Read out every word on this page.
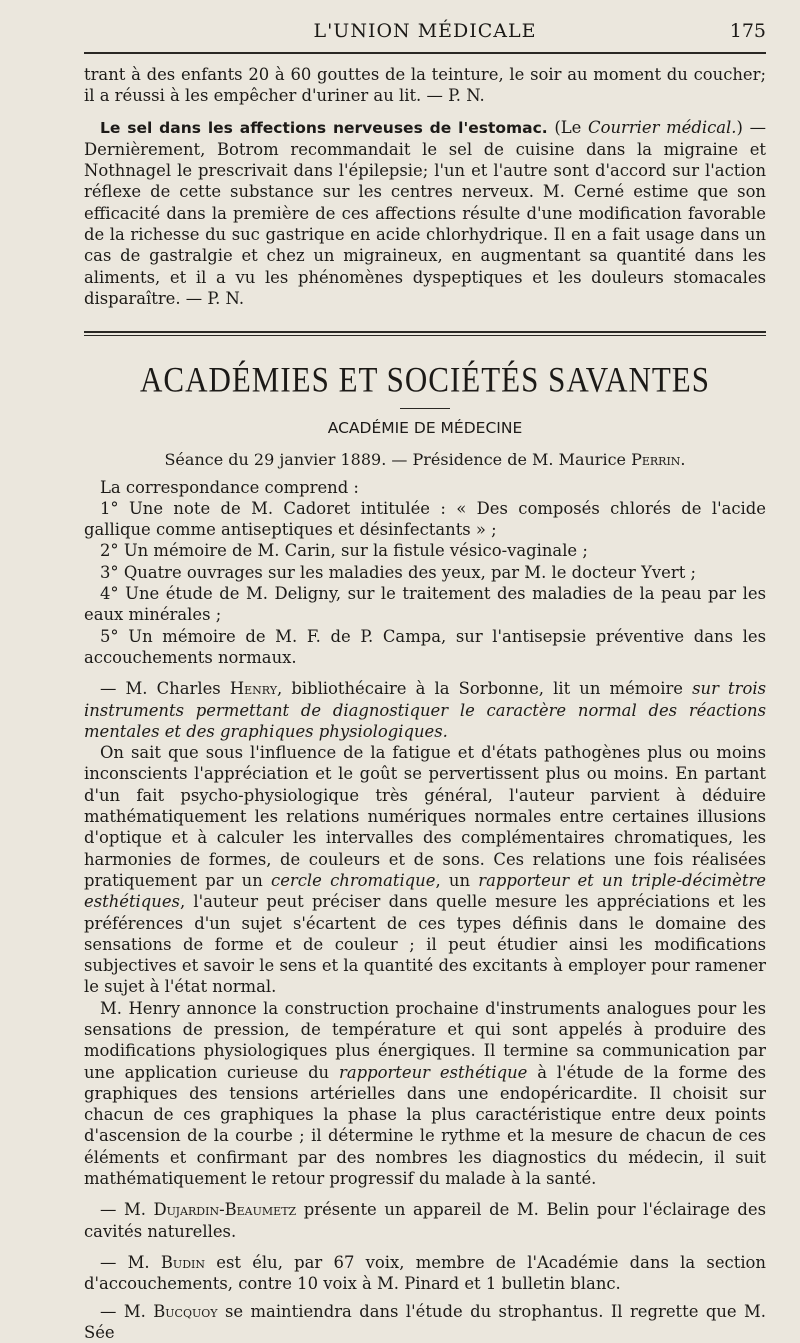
L'UNION MÉDICALE	175

trant à des enfants 20 à 60 gouttes de la teinture, le soir au moment du coucher; il a réussi à les empêcher d'uriner au lit. — P. N.

Le sel dans les affections nerveuses de l'estomac. (Le Courrier médical.) — Dernièrement, Botrom recommandait le sel de cuisine dans la migraine et Nothnagel le prescrivait dans l'épilepsie; l'un et l'autre sont d'accord sur l'action réflexe de cette substance sur les centres nerveux. M. Cerné estime que son efficacité dans la première de ces affections résulte d'une modification favorable de la richesse du suc gastrique en acide chlorhydrique. Il en a fait usage dans un cas de gastralgie et chez un migraineux, en augmentant sa quantité dans les aliments, et il a vu les phénomènes dyspeptiques et les douleurs stomacales disparaître. — P. N.

ACADÉMIES ET SOCIÉTÉS SAVANTES
ACADÉMIE DE MÉDECINE

Séance du 29 janvier 1889. — Présidence de M. Maurice Perrin.

La correspondance comprend :

1° Une note de M. Cadoret intitulée : « Des composés chlorés de l'acide gallique comme antiseptiques et désinfectants » ;

2° Un mémoire de M. Carin, sur la fistule vésico-vaginale ;

3° Quatre ouvrages sur les maladies des yeux, par M. le docteur Yvert ;

4° Une étude de M. Deligny, sur le traitement des maladies de la peau par les eaux minérales ;

5° Un mémoire de M. F. de P. Campa, sur l'antisepsie préventive dans les accouchements normaux.

— M. Charles Henry, bibliothécaire à la Sorbonne, lit un mémoire sur trois instruments permettant de diagnostiquer le caractère normal des réactions mentales et des graphiques physiologiques.

On sait que sous l'influence de la fatigue et d'états pathogènes plus ou moins inconscients l'appréciation et le goût se pervertissent plus ou moins. En partant d'un fait psycho-physiologique très général, l'auteur parvient à déduire mathématiquement les relations numériques normales entre certaines illusions d'optique et à calculer les intervalles des complémentaires chromatiques, les harmonies de formes, de couleurs et de sons. Ces relations une fois réalisées pratiquement par un cercle chromatique, un rapporteur et un triple-décimètre esthétiques, l'auteur peut préciser dans quelle mesure les appréciations et les préférences d'un sujet s'écartent de ces types définis dans le domaine des sensations de forme et de couleur ; il peut étudier ainsi les modifications subjectives et savoir le sens et la quantité des excitants à employer pour ramener le sujet à l'état normal.

M. Henry annonce la construction prochaine d'instruments analogues pour les sensations de pression, de température et qui sont appelés à produire des modifications physiologiques plus énergiques. Il termine sa communication par une application curieuse du rapporteur esthétique à l'étude de la forme des graphiques des tensions artérielles dans une endopéricardite. Il choisit sur chacun de ces graphiques la phase la plus caractéristique entre deux points d'ascension de la courbe ; il détermine le rythme et la mesure de chacun de ces éléments et confirmant par des nombres les diagnostics du médecin, il suit mathématiquement le retour progressif du malade à la santé.

— M. Dujardin-Beaumetz présente un appareil de M. Belin pour l'éclairage des cavités naturelles.

— M. Budin est élu, par 67 voix, membre de l'Académie dans la section d'accouchements, contre 10 voix à M. Pinard et 1 bulletin blanc.

— M. Bucquoy se maintiendra dans l'étude du strophantus. Il regrette que M. Sée
